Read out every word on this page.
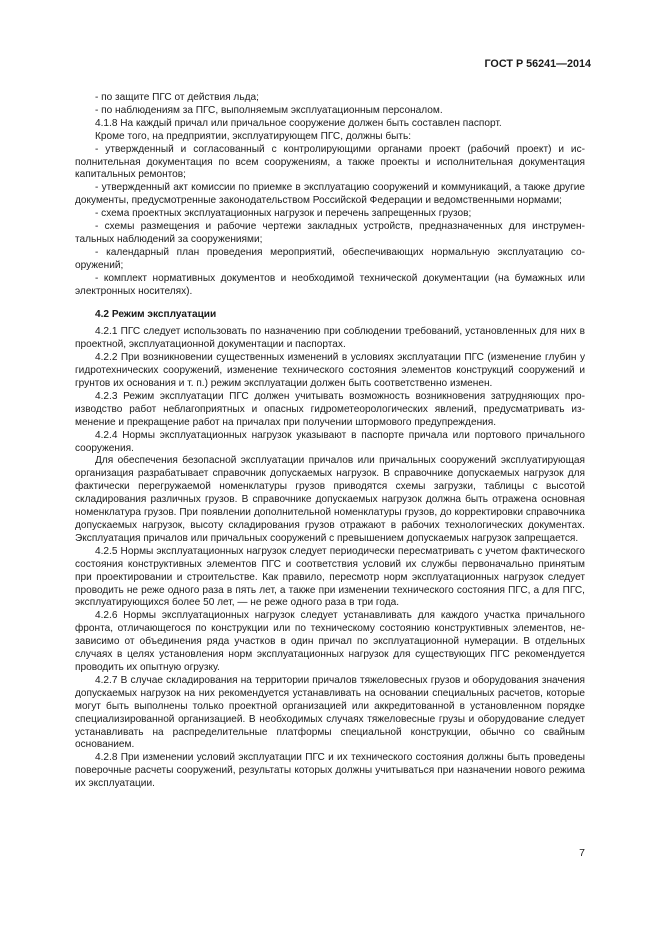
ГОСТ Р 56241—2014

- по защите ПГС от действия льда;

- по наблюдениям за ПГС, выполняемым эксплуатационным персоналом.

4.1.8 На каждый причал или причальное сооружение должен быть составлен паспорт.

Кроме того, на предприятии, эксплуатирующем ПГС, должны быть:

- утвержденный и согласованный с контролирующими органами проект (рабочий проект) и исполнительная документация по всем сооружениям, а также проекты и исполнительная документация капитальных ремонтов;

- утвержденный акт комиссии по приемке в эксплуатацию сооружений и коммуникаций, а также другие документы, предусмотренные законодательством Российской Федерации и ведомственными нормами;

- схема проектных эксплуатационных нагрузок и перечень запрещенных грузов;

- схемы размещения и рабочие чертежи закладных устройств, предназначенных для инструментальных наблюдений за сооружениями;

- календарный план проведения мероприятий, обеспечивающих нормальную эксплуатацию сооружений;

- комплект нормативных документов и необходимой технической документации (на бумажных или электронных носителях).

4.2 Режим эксплуатации

4.2.1 ПГС следует использовать по назначению при соблюдении требований, установленных для них в проектной, эксплуатационной документации и паспортах.

4.2.2 При возникновении существенных изменений в условиях эксплуатации ПГС (изменение глубин у гидротехнических сооружений, изменение технического состояния элементов конструкций сооружений и грунтов их основания и т. п.) режим эксплуатации должен быть соответственно изменен.

4.2.3 Режим эксплуатации ПГС должен учитывать возможность возникновения затрудняющих производство работ неблагоприятных и опасных гидрометеорологических явлений, предусматривать изменение и прекращение работ на причалах при получении штормового предупреждения.

4.2.4 Нормы эксплуатационных нагрузок указывают в паспорте причала или портового причального сооружения.

Для обеспечения безопасной эксплуатации причалов или причальных сооружений эксплуатирующая организация разрабатывает справочник допускаемых нагрузок. В справочнике допускаемых нагрузок для фактически перегружаемой номенклатуры грузов приводятся схемы загрузки, таблицы с высотой складирования различных грузов. В справочнике допускаемых нагрузок должна быть отражена основная номенклатура грузов. При появлении дополнительной номенклатуры грузов, до корректировки справочника допускаемых нагрузок, высоту складирования грузов отражают в рабочих технологических документах. Эксплуатация причалов или причальных сооружений с превышением допускаемых нагрузок запрещается.

4.2.5 Нормы эксплуатационных нагрузок следует периодически пересматривать с учетом фактического состояния конструктивных элементов ПГС и соответствия условий их службы первоначально принятым при проектировании и строительстве. Как правило, пересмотр норм эксплуатационных нагрузок следует проводить не реже одного раза в пять лет, а также при изменении технического состояния ПГС, а для ПГС, эксплуатирующихся более 50 лет, — не реже одного раза в три года.

4.2.6 Нормы эксплуатационных нагрузок следует устанавливать для каждого участка причального фронта, отличающегося по конструкции или по техническому состоянию конструктивных элементов, независимо от объединения ряда участков в один причал по эксплуатационной нумерации. В отдельных случаях в целях установления норм эксплуатационных нагрузок для существующих ПГС рекомендуется проводить их опытную огрузку.

4.2.7 В случае складирования на территории причалов тяжеловесных грузов и оборудования значения допускаемых нагрузок на них рекомендуется устанавливать на основании специальных расчетов, которые могут быть выполнены только проектной организацией или аккредитованной в установленном порядке специализированной организацией. В необходимых случаях тяжеловесные грузы и оборудование следует устанавливать на распределительные платформы специальной конструкции, обычно со свайным основанием.

4.2.8 При изменении условий эксплуатации ПГС и их технического состояния должны быть проведены поверочные расчеты сооружений, результаты которых должны учитываться при назначении нового режима их эксплуатации.

7
